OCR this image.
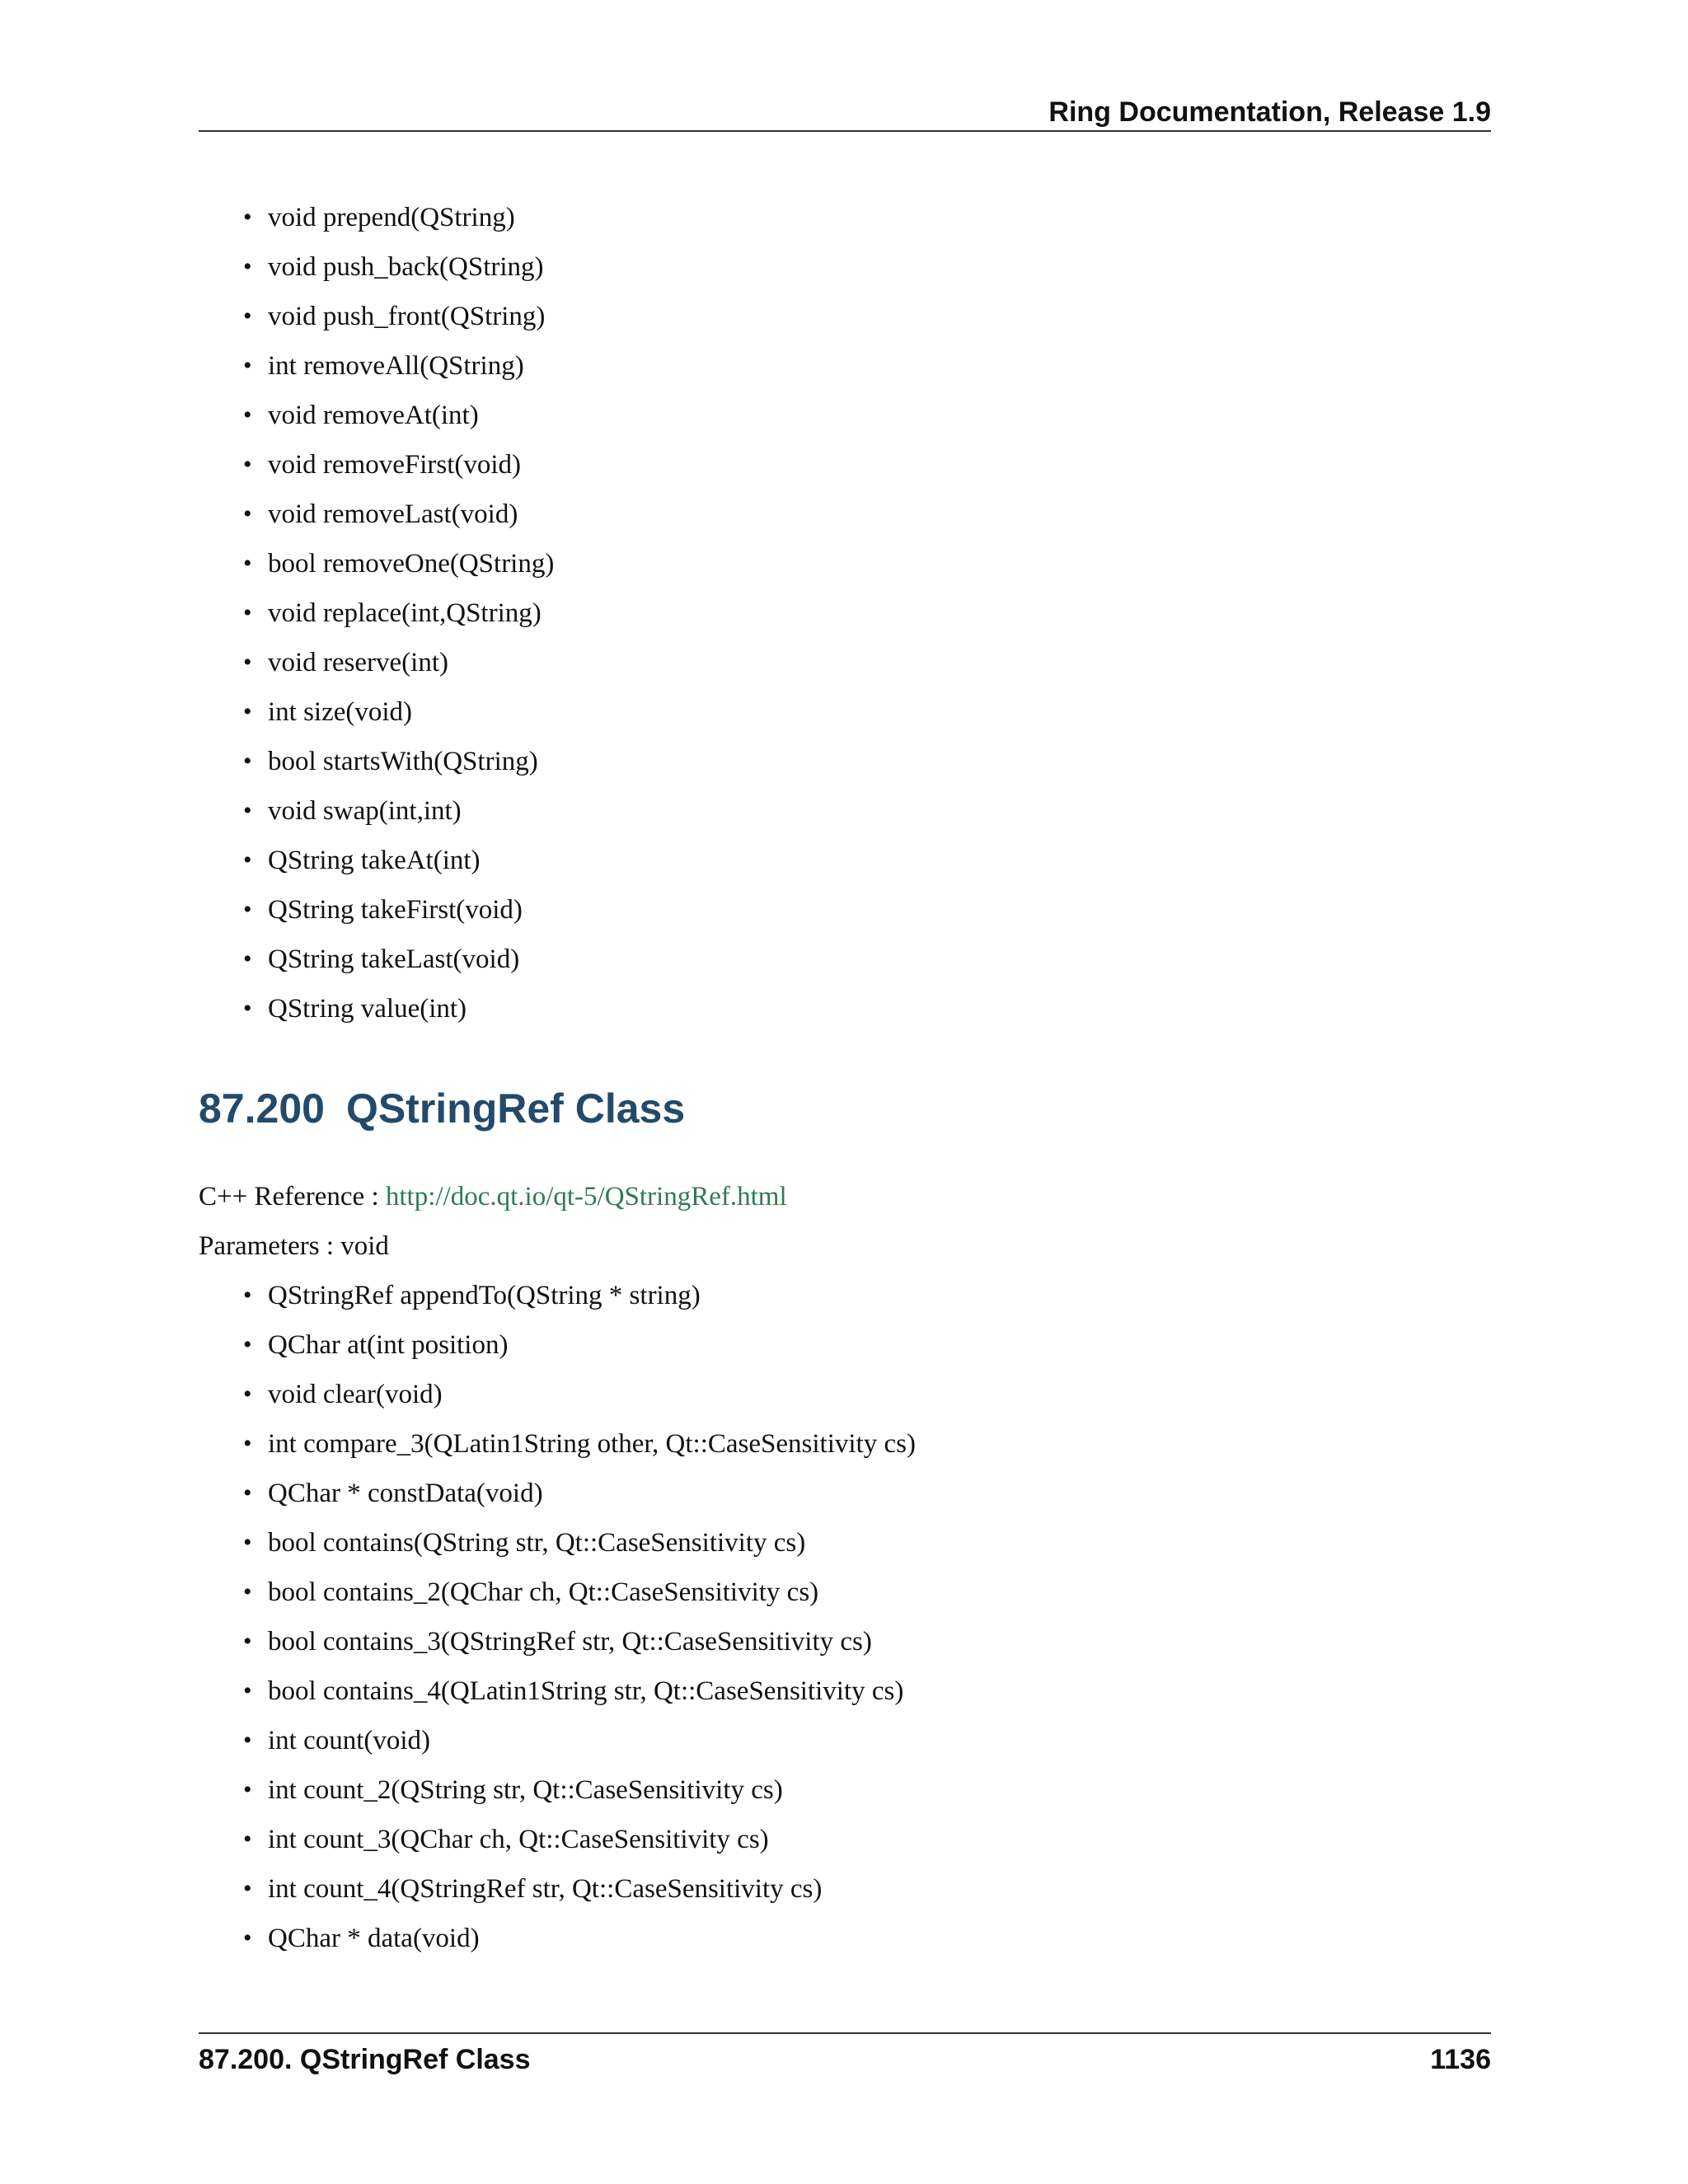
Ring Documentation, Release 1.9
• void prepend(QString)
• void push_back(QString)
• void push_front(QString)
• int removeAll(QString)
• void removeAt(int)
• void removeFirst(void)
• void removeLast(void)
• bool removeOne(QString)
• void replace(int,QString)
• void reserve(int)
• int size(void)
• bool startsWith(QString)
• void swap(int,int)
• QString takeAt(int)
• QString takeFirst(void)
• QString takeLast(void)
• QString value(int)
87.200 QStringRef Class
C++ Reference : http://doc.qt.io/qt-5/QStringRef.html
Parameters : void
• QStringRef appendTo(QString * string)
• QChar at(int position)
• void clear(void)
• int compare_3(QLatin1String other, Qt::CaseSensitivity cs)
• QChar * constData(void)
• bool contains(QString str, Qt::CaseSensitivity cs)
• bool contains_2(QChar ch, Qt::CaseSensitivity cs)
• bool contains_3(QStringRef str, Qt::CaseSensitivity cs)
• bool contains_4(QLatin1String str, Qt::CaseSensitivity cs)
• int count(void)
• int count_2(QString str, Qt::CaseSensitivity cs)
• int count_3(QChar ch, Qt::CaseSensitivity cs)
• int count_4(QStringRef str, Qt::CaseSensitivity cs)
• QChar * data(void)
87.200. QStringRef Class	1136
